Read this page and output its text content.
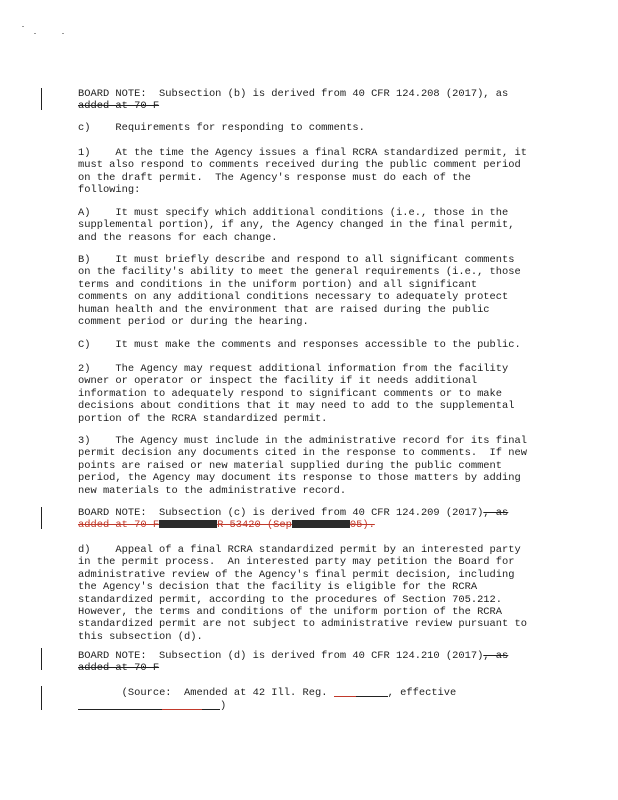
BOARD NOTE:  Subsection (b) is derived from 40 CFR 124.208 (2017), as
added at 70 F
c)    Requirements for responding to comments.
1)    At the time the Agency issues a final RCRA standardized permit, it
must also respond to comments received during the public comment period
on the draft permit.  The Agency's response must do each of the
following:
A)    It must specify which additional conditions (i.e., those in the
supplemental portion), if any, the Agency changed in the final permit,
and the reasons for each change.
B)    It must briefly describe and respond to all significant comments
on the facility's ability to meet the general requirements (i.e., those
terms and conditions in the uniform portion) and all significant
comments on any additional conditions necessary to adequately protect
human health and the environment that are raised during the public
comment period or during the hearing.
C)    It must make the comments and responses accessible to the public.
2)    The Agency may request additional information from the facility
owner or operator or inspect the facility if it needs additional
information to adequately respond to significant comments or to make
decisions about conditions that it may need to add to the supplemental
portion of the RCRA standardized permit.
3)    The Agency must include in the administrative record for its final
permit decision any documents cited in the response to comments.  If new
points are raised or new material supplied during the public comment
period, the Agency may document its response to those matters by adding
new materials to the administrative record.
BOARD NOTE:  Subsection (c) is derived from 40 CFR 124.209 (2017), as
added at 70 F	R 53420 (Sep	05).
d)    Appeal of a final RCRA standardized permit by an interested party
in the permit process.  An interested party may petition the Board for
administrative review of the Agency's final permit decision, including
the Agency's decision that the facility is eligible for the RCRA
standardized permit, according to the procedures of Section 705.212.
However, the terms and conditions of the uniform portion of the RCRA
standardized permit are not subject to administrative review pursuant to
this subsection (d).
BOARD NOTE:  Subsection (d) is derived from 40 CFR 124.210 (2017), as
added at 70 F
(Source:  Amended at 42 Ill. Reg.	, effective
)
